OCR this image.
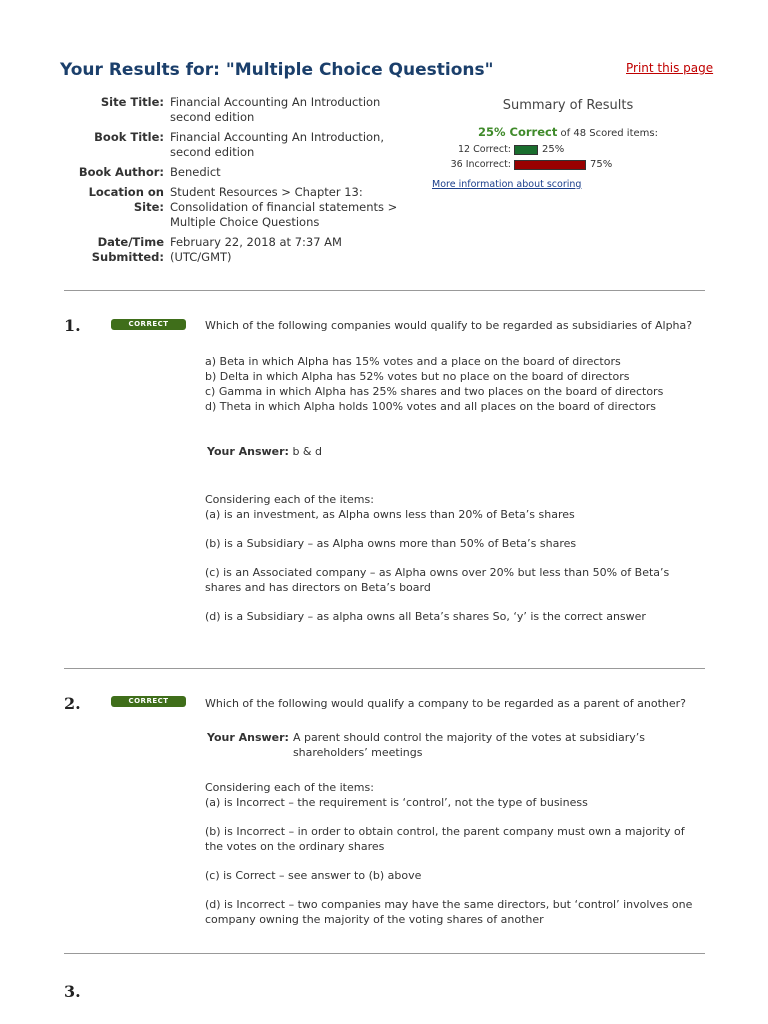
Your Results for: "Multiple Choice Questions"	Print this page
Site Title: Financial Accounting An Introduction second edition
Book Title: Financial Accounting An Introduction, second edition
Book Author: Benedict
Location on Site:
Student Resources > Chapter 13: Consolidation of financial statements > Multiple Choice Questions
Date/Time Submitted:
February 22, 2018 at 7:37 AM (UTC/GMT)
Summary of Results
25% Correct of 48 Scored items:
12 Correct:	25%
36 Incorrect:	75%
More information about scoring
1.	CORRECT	Which of the following companies would qualify to be regarded as subsidiaries of Alpha?

a) Beta in which Alpha has 15% votes and a place on the board of directors

b) Delta in which Alpha has 52% votes but no place on the board of directors

c) Gamma in which Alpha has 25% shares and two places on the board of directors

d) Theta in which Alpha holds 100% votes and all places on the board of directors

Your Answer: b & d

Considering each of the items:

(a) is an investment, as Alpha owns less than 20% of Beta’s shares

(b) is a Subsidiary – as Alpha owns more than 50% of Beta’s shares

(c) is an Associated company – as Alpha owns over 20% but less than 50% of Beta’s shares and has directors on Beta’s board

(d) is a Subsidiary – as alpha owns all Beta’s shares So, ‘y’ is the correct answer

2.	CORRECT	Which of the following would qualify a company to be regarded as a parent of another?

Your Answer: A parent should control the majority of the votes at subsidiary’s shareholders’ meetings

Considering each of the items:

(a) is Incorrect – the requirement is ‘control’, not the type of business

(b) is Incorrect – in order to obtain control, the parent company must own a majority of the votes on the ordinary shares

(c) is Correct – see answer to (b) above

(d) is Incorrect – two companies may have the same directors, but ‘control’ involves one company owning the majority of the voting shares of another

3.
